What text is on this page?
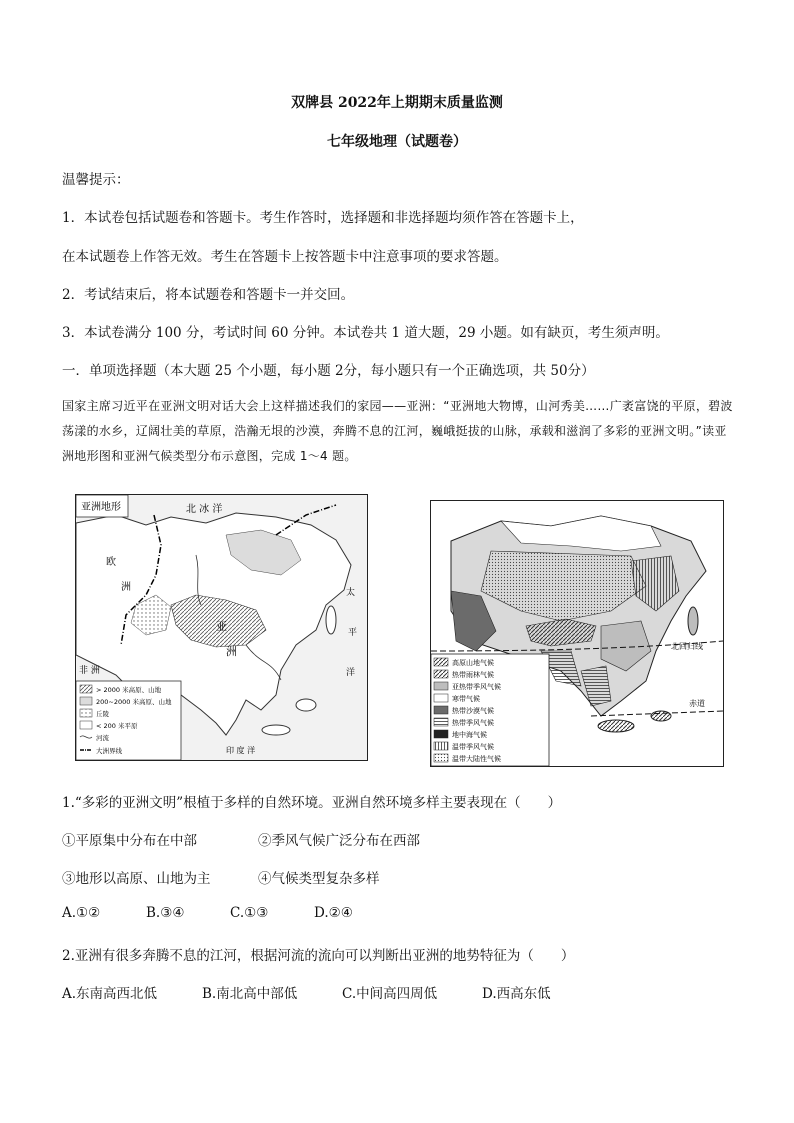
双牌县 2022年上期期末质量监测
七年级地理（试题卷）
温馨提示：
1．本试卷包括试题卷和答题卡。考生作答时，选择题和非选择题均须作答在答题卡上，
在本试题卷上作答无效。考生在答题卡上按答题卡中注意事项的要求答题。
2．考试结束后，将本试题卷和答题卡一并交回。
3．本试卷满分 100 分，考试时间 60 分钟。本试卷共 1 道大题，29 小题。如有缺页，考生须声明。
一．单项选择题（本大题 25 个小题，每小题 2分，每小题只有一个正确选项，共 50分）
国家主席习近平在亚洲文明对话大会上这样描述我们的家园——亚洲：“亚洲地大物博，山河秀美……广袤富饶的平原，碧波荡漾的水乡，辽阔壮美的草原，浩瀚无垠的沙漠，奔腾不息的江河，巍峨挺拔的山脉，承载和滋润了多彩的亚洲文明。”读亚洲地形图和亚洲气候类型分布示意图，完成 1～4 题。
亚洲地形	北 冰 洋
欧
洲
亚
洲
太
平
洋
非 洲
印 度 洋
> 2000 米高原、山地
200~2000 米高原、山地
丘陵
< 200 米平原
河流
大洲界线
北回归线
赤道
高原山地气候
热带雨林气候
亚热带季风气候
寒带气候
热带沙漠气候
热带季风气候
地中海气候
温带季风气候
温带大陆性气候
1.“多彩的亚洲文明”根植于多样的自然环境。亚洲自然环境多样主要表现在（　　）
①平原集中分布在中部	②季风气候广泛分布在西部
③地形以高原、山地为主	④气候类型复杂多样
A.①②	B.③④	C.①③	D.②④
2.亚洲有很多奔腾不息的江河，根据河流的流向可以判断出亚洲的地势特征为（　　）
A.东南高西北低	B.南北高中部低	C.中间高四周低	D.西高东低
